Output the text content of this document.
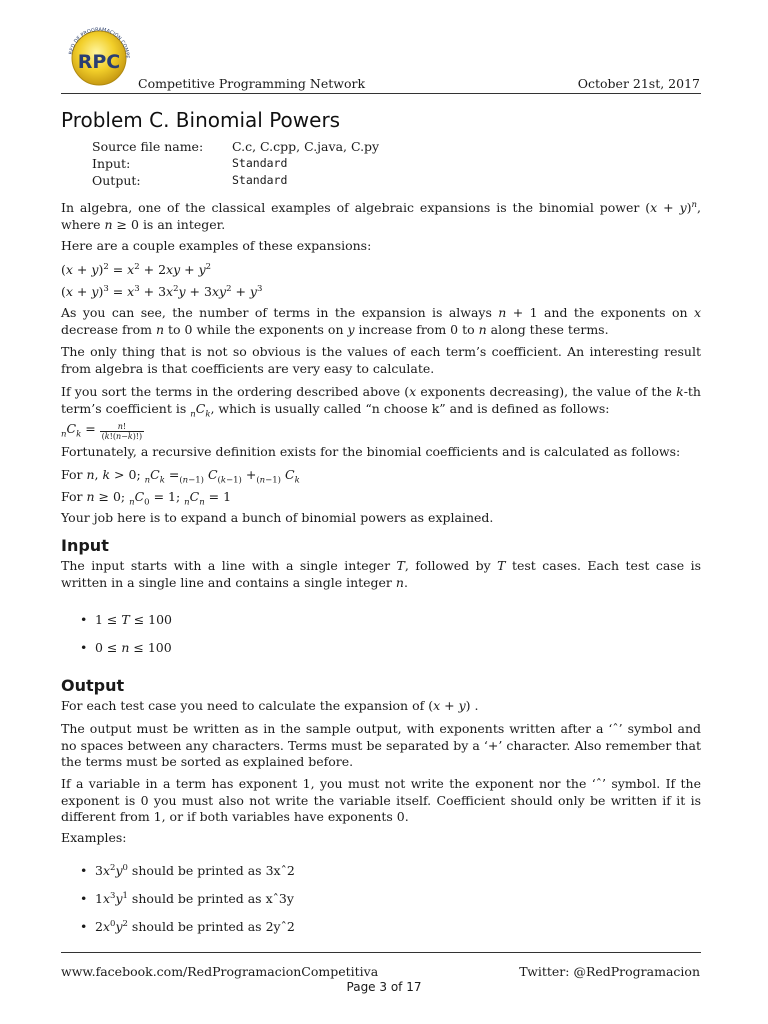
RED DE PROGRAMACIÓN COMPE
RPC
Competitive Programming Network	October 21st, 2017
Problem C. Binomial Powers
Source file name:	C.c, C.cpp, C.java, C.py
Input:	Standard
Output:	Standard
In algebra, one of the classical examples of algebraic expansions is the binomial power $(x + y)^n$, where n ≥ 0 is an integer.
Here are a couple examples of these expansions:
$(x + y)^2 = x^2 + 2xy + y^2$
$(x + y)^3 = x^3 + 3x^2y + 3xy^2 + y^3$
As you can see, the number of terms in the expansion is always n + 1 and the exponents on x decrease from n to 0 while the exponents on y increase from 0 to n along these terms.
The only thing that is not so obvious is the values of each term’s coefficient. An interesting result from algebra is that coefficients are very easy to calculate.
If you sort the terms in the ordering described above (x exponents decreasing), the value of the k-th term’s coefficient is $_nC_k$, which is usually called “n choose k” and is defined as follows:
$_nC_k = \frac{n!}{(k!(n-k)!)}$
Fortunately, a recursive definition exists for the binomial coefficients and is calculated as follows:
For n, k > 0; $_nC_k =_{(n-1)}$ $C_{(k-1)} +_{(n-1)}$ $C_k$
For n ≥ 0; $_nC_0 = 1$; $_nC_n = 1$
Your job here is to expand a bunch of binomial powers as explained.
Input
The input starts with a line with a single integer T, followed by T test cases. Each test case is written in a single line and contains a single integer n.
• 1 ≤ T ≤ 100
• 0 ≤ n ≤ 100
Output
For each test case you need to calculate the expansion of (x + y) .
The output must be written as in the sample output, with exponents written after a ‘ˆ’ symbol and no spaces between any characters. Terms must be separated by a ‘+’ character. Also remember that the terms must be sorted as explained before.
If a variable in a term has exponent 1, you must not write the exponent nor the ‘ˆ’ symbol. If the exponent is 0 you must also not write the variable itself. Coefficient should only be written if it is different from 1, or if both variables have exponents 0.
Examples:
• $3x^2y^0$ should be printed as 3xˆ2
• $1x^3y^1$ should be printed as xˆ3y
• $2x^0y^2$ should be printed as 2yˆ2
www.facebook.com/RedProgramacionCompetitiva	Twitter: @RedProgramacion
Page 3 of 17
